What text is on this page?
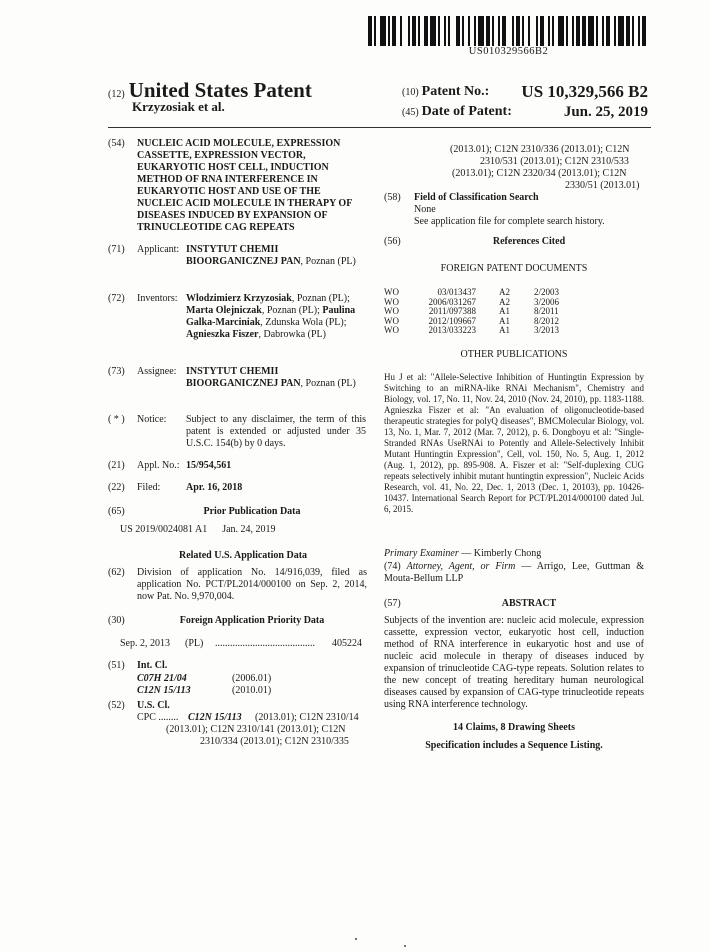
US010329566B2
(12) United States Patent
Krzyzosiak et al.
(10) Patent No.: US 10,329,566 B2
(45) Date of Patent:	Jun. 25, 2019
(54) NUCLEIC ACID MOLECULE, EXPRESSION CASSETTE, EXPRESSION VECTOR, EUKARYOTIC HOST CELL, INDUCTION METHOD OF RNA INTERFERENCE IN EUKARYOTIC HOST AND USE OF THE NUCLEIC ACID MOLECULE IN THERAPY OF DISEASES INDUCED BY EXPANSION OF TRINUCLEOTIDE CAG REPEATS
(71) Applicant: INSTYTUT CHEMII BIOORGANICZNEJ PAN, Poznan (PL)
(72) Inventors: Wlodzimierz Krzyzosiak, Poznan (PL); Marta Olejniczak, Poznan (PL); Paulina Galka-Marciniak, Zdunska Wola (PL); Agnieszka Fiszer, Dabrowka (PL)
(73) Assignee: INSTYTUT CHEMII BIOORGANICZNEJ PAN, Poznan (PL)
( * ) Notice: Subject to any disclaimer, the term of this patent is extended or adjusted under 35 U.S.C. 154(b) by 0 days.
(21) Appl. No.: 15/954,561
(22) Filed:	Apr. 16, 2018
(65)	Prior Publication Data
US 2019/0024081 A1      Jan. 24, 2019
Related U.S. Application Data
(62) Division of application No. 14/916,039, filed as application No. PCT/PL2014/000100 on Sep. 2, 2014, now Pat. No. 9,970,004.
(30)	Foreign Application Priority Data
Sep. 2, 2013 (PL) ........................................	405224
(51) Int. Cl.
C07H 21/04	(2006.01)
C12N 15/113	(2010.01)
(52) U.S. Cl.
CPC ........ C12N 15/113 (2013.01); C12N 2310/14
(2013.01); C12N 2310/141 (2013.01); C12N
2310/334 (2013.01); C12N 2310/335
(2013.01); C12N 2310/336 (2013.01); C12N
2310/531 (2013.01); C12N 2310/533
(2013.01); C12N 2320/34 (2013.01); C12N
2330/51 (2013.01)
(58) Field of Classification Search
None
See application file for complete search history.
(56)	References Cited
FOREIGN PATENT DOCUMENTS
WO	03/013437	A2	2/2003
WO	2006/031267	A2	3/2006
WO	2011/097388	A1	8/2011
WO	2012/109667	A1	8/2012
WO	2013/033223	A1	3/2013
OTHER PUBLICATIONS
Hu J et al: "Allele-Selective Inhibition of Huntingtin Expression by Switching to an miRNA-like RNAi Mechanism", Chemistry and Biology, vol. 17, No. 11, Nov. 24, 2010 (Nov. 24, 2010), pp. 1183-1188. Agnieszka Fiszer et al: "An evaluation of oligonucleotide-based therapeutic strategies for polyQ diseases", BMCMolecular Biology, vol. 13, No. 1, Mar. 7, 2012 (Mar. 7, 2012), p. 6. Dongboyu et al: "Single-Stranded RNAs UseRNAi to Potently and Allele-Selectively Inhibit Mutant Huntingtin Expression", Cell, vol. 150, No. 5, Aug. 1, 2012 (Aug. 1, 2012), pp. 895-908. A. Fiszer et al: "Self-duplexing CUG repeats selectively inhibit mutant huntingtin expression", Nucleic Acids Research, vol. 41, No. 22, Dec. 1, 2013 (Dec. 1, 20103), pp. 10426-10437. International Search Report for PCT/PL2014/000100 dated Jul. 6, 2015.
Primary Examiner — Kimberly Chong
(74) Attorney, Agent, or Firm — Arrigo, Lee, Guttman & Mouta-Bellum LLP
(57)	ABSTRACT
Subjects of the invention are: nucleic acid molecule, expression cassette, expression vector, eukaryotic host cell, induction method of RNA interference in eukaryotic host and use of nucleic acid molecule in therapy of diseases induced by expansion of trinucleotide CAG-type repeats. Solution relates to the new concept of treating hereditary human neurological diseases caused by expansion of CAG-type trinucleotide repeats using RNA interference technology.
14 Claims, 8 Drawing Sheets
Specification includes a Sequence Listing.
